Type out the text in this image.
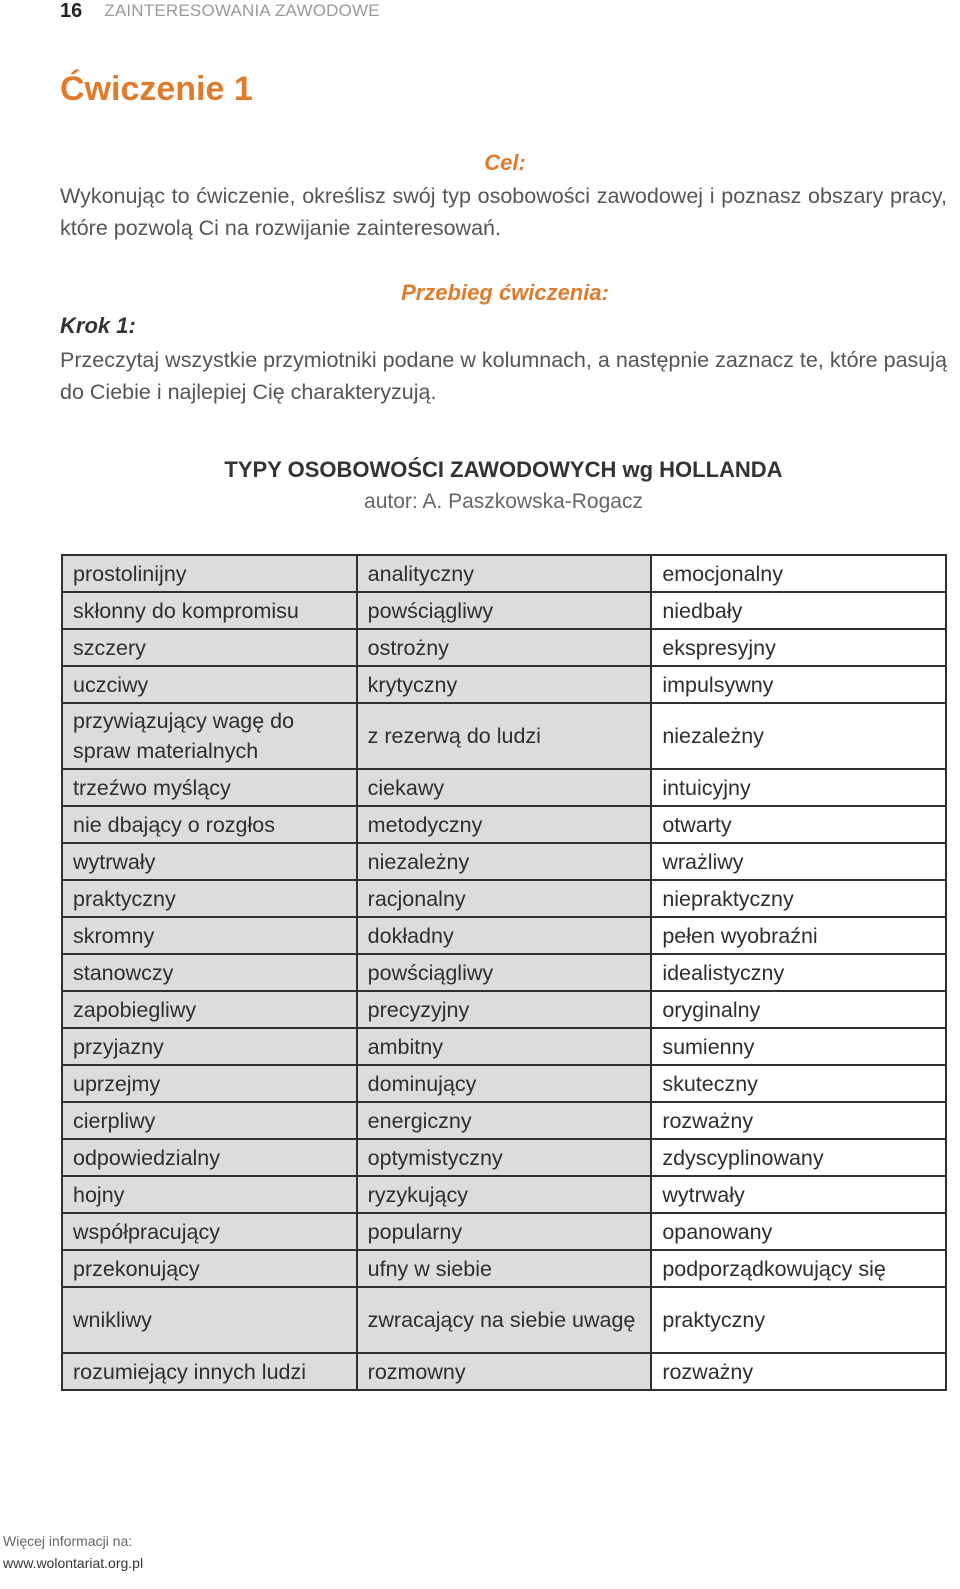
16 ZAINTERESOWANIA ZAWODOWE
Ćwiczenie 1
Cel:

Wykonując to ćwiczenie, określisz swój typ osobowości zawodowej i poznasz obszary pracy, które pozwolą Ci na rozwijanie zainteresowań.

Przebieg ćwiczenia:
Krok 1:

Przeczytaj wszystkie przymiotniki podane w kolumnach, a następnie zaznacz te, które pasują do Ciebie i najlepiej Cię charakteryzują.

TYPY OSOBOWOŚCI ZAWODOWYCH wg HOLLANDA
autor: A. Paszkowska-Rogacz
prostolinijny	analityczny	emocjonalny
skłonny do kompromisu	powściągliwy	niedbały
szczery	ostrożny	ekspresyjny
uczciwy	krytyczny	impulsywny
przywiązujący wagę do spraw materialnych	z rezerwą do ludzi	niezależny
trzeźwo myślący	ciekawy	intuicyjny
nie dbający o rozgłos	metodyczny	otwarty
wytrwały	niezależny	wrażliwy
praktyczny	racjonalny	niepraktyczny
skromny	dokładny	pełen wyobraźni
stanowczy	powściągliwy	idealistyczny
zapobiegliwy	precyzyjny	oryginalny
przyjazny	ambitny	sumienny
uprzejmy	dominujący	skuteczny
cierpliwy	energiczny	rozważny
odpowiedzialny	optymistyczny	zdyscyplinowany
hojny	ryzykujący	wytrwały
współpracujący	popularny	opanowany
przekonujący	ufny w siebie	podporządkowujący się
wnikliwy	zwracający na siebie uwagę	praktyczny
rozumiejący innych ludzi	rozmowny	rozważny
Więcej informacji na:
www.wolontariat.org.pl
